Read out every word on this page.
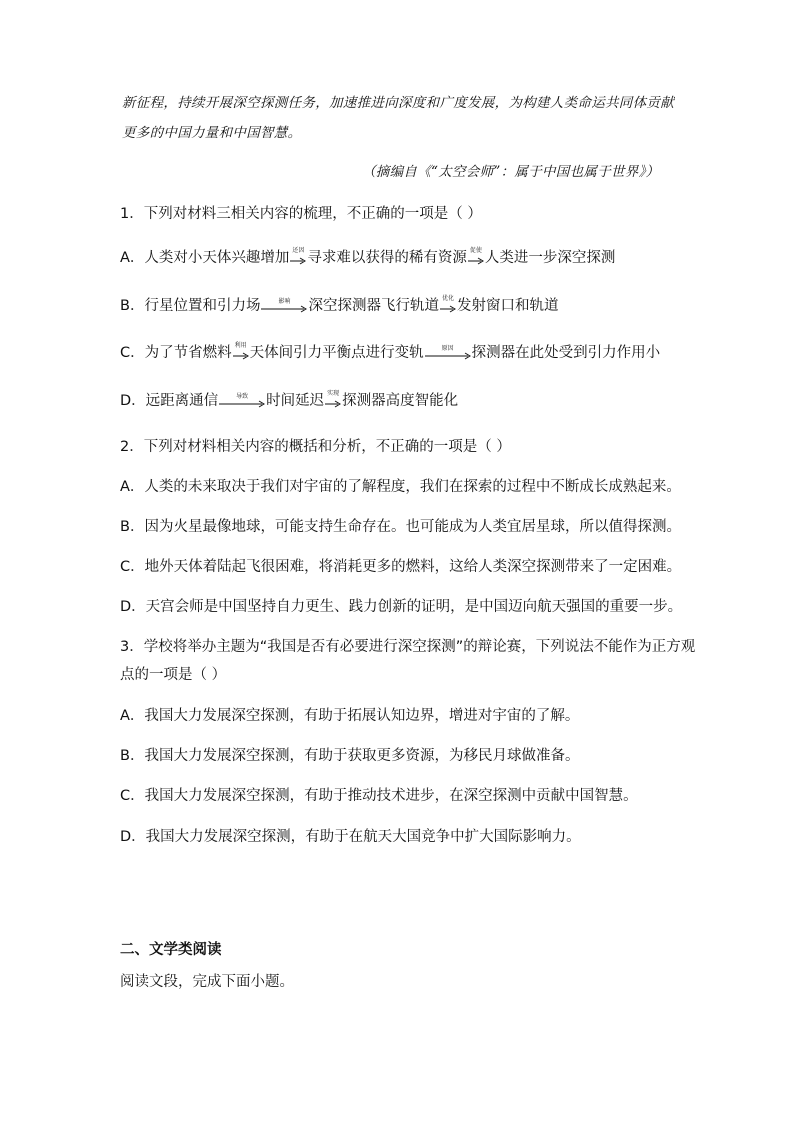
新征程，持续开展深空探测任务，加速推进向深度和广度发展，为构建人类命运共同体贡献
更多的中国力量和中国智慧。
（摘编自《“太空会师”：属于中国也属于世界》）
1．下列对材料三相关内容的梳理，不正确的一项是（ ）
A．人类对小天体兴趣增加 还因 寻求难以获得的稀有资源 促使 人类进一步深空探测
B．行星位置和引力场	影响	深空探测器飞行轨道 优化 发射窗口和轨道
C．为了节省燃料 利用 天体间引力平衡点进行变轨	原因	探测器在此处受到引力作用小
D．远距离通信	导致	时间延迟 实现 探测器高度智能化
2．下列对材料相关内容的概括和分析，不正确的一项是（ ）
A．人类的未来取决于我们对宇宙的了解程度，我们在探索的过程中不断成长成熟起来。
B．因为火星最像地球，可能支持生命存在。也可能成为人类宜居星球，所以值得探测。
C．地外天体着陆起飞很困难，将消耗更多的燃料，这给人类深空探测带来了一定困难。
D．天宫会师是中国坚持自力更生、践力创新的证明，是中国迈向航天强国的重要一步。
3．学校将举办主题为“我国是否有必要进行深空探测”的辩论赛，下列说法不能作为正方观
点的一项是（ ）
A．我国大力发展深空探测，有助于拓展认知边界，增进对宇宙的了解。
B．我国大力发展深空探测，有助于获取更多资源，为移民月球做准备。
C．我国大力发展深空探测，有助于推动技术进步，在深空探测中贡献中国智慧。
D．我国大力发展深空探测，有助于在航天大国竞争中扩大国际影响力。
二、文学类阅读
阅读文段，完成下面小题。
